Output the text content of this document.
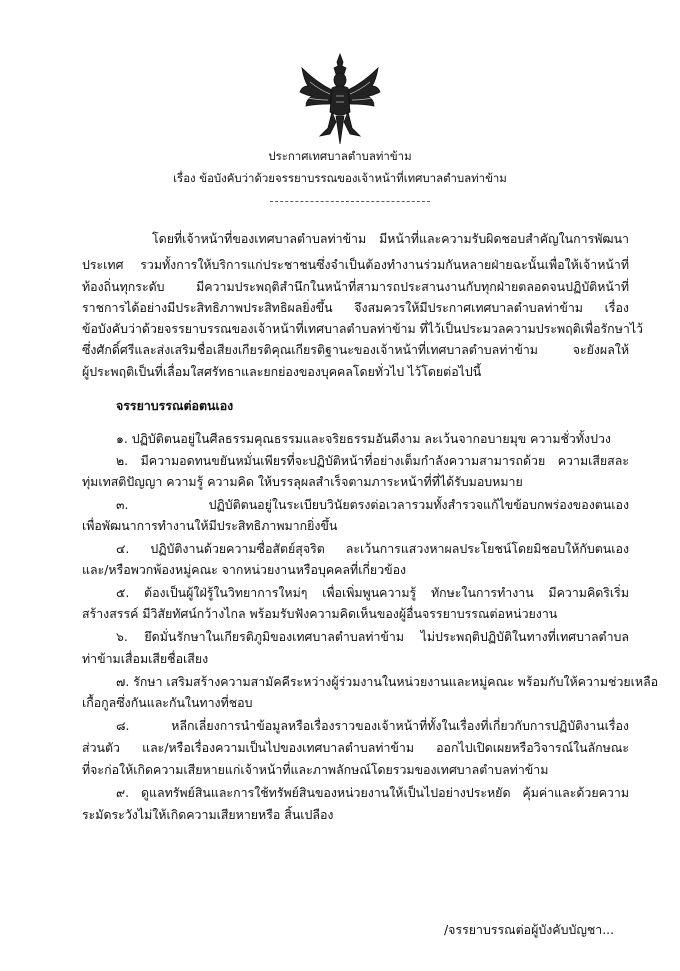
ประกาศเทศบาลตำบลท่าข้าม
เรื่อง ข้อบังคับว่าด้วยจรรยาบรรณของเจ้าหน้าที่เทศบาลตำบลท่าข้าม
โดยที่เจ้าหน้าที่ของเทศบาลตำบลท่าข้าม มีหน้าที่และความรับผิดชอบสำคัญในการพัฒนา
ประเทศ รวมทั้งการให้บริการแก่ประชาชนซึ่งจำเป็นต้องทำงานร่วมกันหลายฝ่ายฉะนั้นเพื่อให้เจ้าหน้าที่
ท้องถิ่นทุกระดับ มีความประพฤติสำนึกในหน้าที่สามารถประสานงานกับทุกฝ่ายตลอดจนปฏิบัติหน้าที่
ราชการได้อย่างมีประสิทธิภาพประสิทธิผลยิ่งขึ้น จึงสมควรให้มีประกาศเทศบาลตำบลท่าข้าม เรื่อง
ข้อบังคับว่าด้วยจรรยาบรรณของเจ้าหน้าที่เทศบาลตำบลท่าข้าม ที่ไว้เป็นประมวลความประพฤติเพื่อรักษาไว้
ซึ่งศักดิ์ศรีและส่งเสริมชื่อเสียงเกียรติคุณเกียรติฐานะของเจ้าหน้าที่เทศบาลตำบลท่าข้าม จะยังผลให้
ผู้ประพฤติเป็นที่เลื่อมใสศรัทธาและยกย่องของบุคคลโดยทั่วไป ไว้โดยต่อไปนี้
จรรยาบรรณต่อตนเอง
๑. ปฏิบัติตนอยู่ในศีลธรรมคุณธรรมและจริยธรรมอันดีงาม ละเว้นจากอบายมุข ความชั่วทั้งปวง
๒. มีความอดทนขยันหมั่นเพียรที่จะปฏิบัติหน้าที่อย่างเต็มกำลังความสามารถด้วย ความเสียสละ
ทุ่มเทสติปัญญา ความรู้ ความคิด ให้บรรลุผลสำเร็จตามภาระหน้าที่ที่ได้รับมอบหมาย
๓. ปฏิบัติตนอยู่ในระเบียบวินัยตรงต่อเวลารวมทั้งสำรวจแก้ไขข้อบกพร่องของตนเอง
เพื่อพัฒนาการทำงานให้มีประสิทธิภาพมากยิ่งขึ้น
๔. ปฏิบัติงานด้วยความซื่อสัตย์สุจริต ละเว้นการแสวงหาผลประโยชน์โดยมิชอบให้กับตนเอง
และ/หรือพวกพ้องหมู่คณะ จากหน่วยงานหรือบุคคลที่เกี่ยวข้อง
๕. ต้องเป็นผู้ใฝ่รู้ในวิทยาการใหม่ๆ เพื่อเพิ่มพูนความรู้ ทักษะในการทำงาน มีความคิดริเริ่ม
สร้างสรรค์ มีวิสัยทัศน์กว้างไกล พร้อมรับฟังความคิดเห็นของผู้อื่นจรรยาบรรณต่อหน่วยงาน
๖. ยึดมั่นรักษาในเกียรติภูมิของเทศบาลตำบลท่าข้าม ไม่ประพฤติปฏิบัติในทางที่เทศบาลตำบล
ท่าข้ามเสื่อมเสียชื่อเสียง
๗. รักษา เสริมสร้างความสามัคคีระหว่างผู้ร่วมงานในหน่วยงานและหมู่คณะ พร้อมกับให้ความช่วยเหลือ
เกื้อกูลซึ่งกันและกันในทางที่ชอบ
๘. หลีกเลี่ยงการนำข้อมูลหรือเรื่องราวของเจ้าหน้าที่ทั้งในเรื่องที่เกี่ยวกับการปฏิบัติงานเรื่อง
ส่วนตัว และ/หรือเรื่องความเป็นไปของเทศบาลตำบลท่าข้าม ออกไปเปิดเผยหรือวิจารณ์ในลักษณะ
ที่จะก่อให้เกิดความเสียหายแก่เจ้าหน้าที่และภาพลักษณ์โดยรวมของเทศบาลตำบลท่าข้าม
๙. ดูแลทรัพย์สินและการใช้ทรัพย์สินของหน่วยงานให้เป็นไปอย่างประหยัด คุ้มค่าและด้วยความ
ระมัดระวังไม่ให้เกิดความเสียหายหรือ สิ้นเปลือง
/จรรยาบรรณต่อผู้บังคับบัญชา...
